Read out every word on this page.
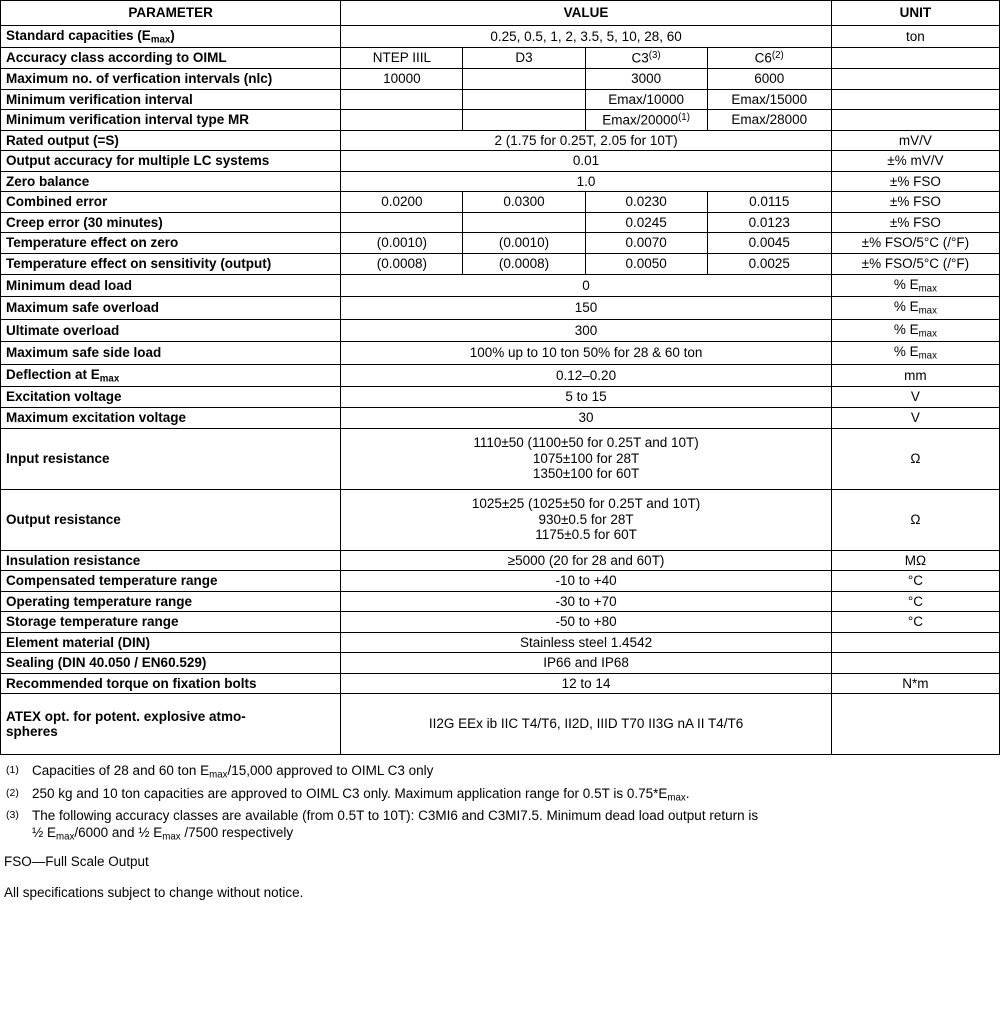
PARAMETER	VALUE				UNIT
Standard capacities $(E_{max})$	0.25, 0.5, 1, 2, 3.5, 5, 10, 28, 60				ton
Accuracy class according to OIML	NTEP IIIL	D3	C3$^{(3)}$	C6$^{(2)}$	
Maximum no. of verfication intervals (nlc)	10000		3000	6000	
Minimum verification interval			Emax/10000	Emax/15000	
Minimum verification interval type MR			Emax/20000$^{(1)}$	Emax/28000	
Rated output (=S)	2 (1.75 for 0.25T, 2.05 for 10T)				mV/V
Output accuracy for multiple LC systems	0.01				±% mV/V
Zero balance	1.0				±% FSO
Combined error	0.0200	0.0300	0.0230	0.0115	±% FSO
Creep error (30 minutes)			0.0245	0.0123	±% FSO
Temperature effect on zero	(0.0010)	(0.0010)	0.0070	0.0045	±% FSO/5°C (/°F)
Temperature effect on sensitivity (output)	(0.0008)	(0.0008)	0.0050	0.0025	±% FSO/5°C (/°F)
Minimum dead load	0				% $E_{max}$
Maximum safe overload	150				% $E_{max}$
Ultimate overload	300				% $E_{max}$
Maximum safe side load	100% up to 10 ton 50% for 28 & 60 ton				% $E_{max}$
Deflection at $E_{max}$	0.12–0.20				mm
Excitation voltage	5 to 15				V
Maximum excitation voltage	30				V
Input resistance	1110±50 (1100±50 for 0.25T and 10T)
1075±100 for 28T
1350±100 for 60T				Ω
Output resistance	1025±25 (1025±50 for 0.25T and 10T)
930±0.5 for 28T
1175±0.5 for 60T				Ω
Insulation resistance	≥5000 (20 for 28 and 60T)				MΩ
Compensated temperature range	-10 to +40				°C
Operating temperature range	-30 to +70				°C
Storage temperature range	-50 to +80				°C
Element material (DIN)	Stainless steel 1.4542				
Sealing (DIN 40.050 / EN60.529)	IP66 and IP68				
Recommended torque on fixation bolts	12 to 14				N*m

ATEX opt. for potent. explosive atmo-
spheres	II2G EEx ib IIC T4/T6, II2D, IIID T70 II3G nA II T4/T6				
(1) Capacities of 28 and 60 ton $E_{max}/15,000$ approved to OIML C3 only
(2) 250 kg and 10 ton capacities are approved to OIML C3 only. Maximum application range for 0.5T is $0.75*E_{max}$.
(3) The following accuracy classes are available (from 0.5T to 10T): C3MI6 and C3MI7.5. Minimum dead load output return is
½ $E_{max}/6000$ and ½ $E_{max}$ /7500 respectively
FSO—Full Scale Output
All specifications subject to change without notice.
